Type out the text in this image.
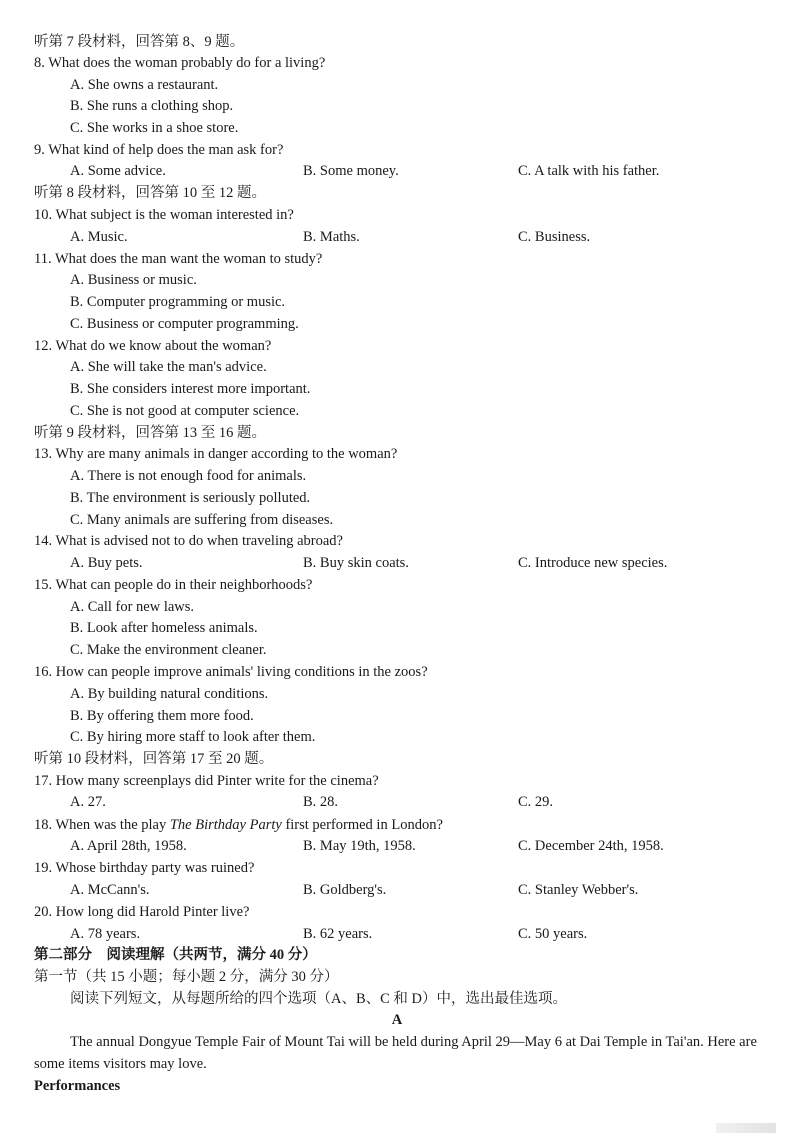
听第 7 段材料，回答第 8、9 题。
8. What does the woman probably do for a living?
A. She owns a restaurant.
B. She runs a clothing shop.
C. She works in a shoe store.
9. What kind of help does the man ask for?
A. Some advice.	B. Some money.	C. A talk with his father.
听第 8 段材料，回答第 10 至 12 题。
10. What subject is the woman interested in?
A. Music.	B. Maths.	C. Business.
11. What does the man want the woman to study?
A. Business or music.
B. Computer programming or music.
C. Business or computer programming.
12. What do we know about the woman?
A. She will take the man's advice.
B. She considers interest more important.
C. She is not good at computer science.
听第 9 段材料，回答第 13 至 16 题。
13. Why are many animals in danger according to the woman?
A. There is not enough food for animals.
B. The environment is seriously polluted.
C. Many animals are suffering from diseases.
14. What is advised not to do when traveling abroad?
A. Buy pets.	B. Buy skin coats.	C. Introduce new species.
15. What can people do in their neighborhoods?
A. Call for new laws.
B. Look after homeless animals.
C. Make the environment cleaner.
16. How can people improve animals' living conditions in the zoos?
A. By building natural conditions.
B. By offering them more food.
C. By hiring more staff to look after them.
听第 10 段材料，回答第 17 至 20 题。
17. How many screenplays did Pinter write for the cinema?
A. 27.	B. 28.	C. 29.
18. When was the play The Birthday Party first performed in London?
A. April 28th, 1958.	B. May 19th, 1958.	C. December 24th, 1958.
19. Whose birthday party was ruined?
A. McCann's.	B. Goldberg's.	C. Stanley Webber's.
20. How long did Harold Pinter live?
A. 78 years.	B. 62 years.	C. 50 years.
第二部分　阅读理解（共两节，满分 40 分）
第一节（共 15 小题；每小题 2 分，满分 30 分）
阅读下列短文，从每题所给的四个选项（A、B、C 和 D）中，选出最佳选项。
A
The annual Dongyue Temple Fair of Mount Tai will be held during April 29—May 6 at Dai Temple in Tai'an. Here are some items visitors may love.
Performances
